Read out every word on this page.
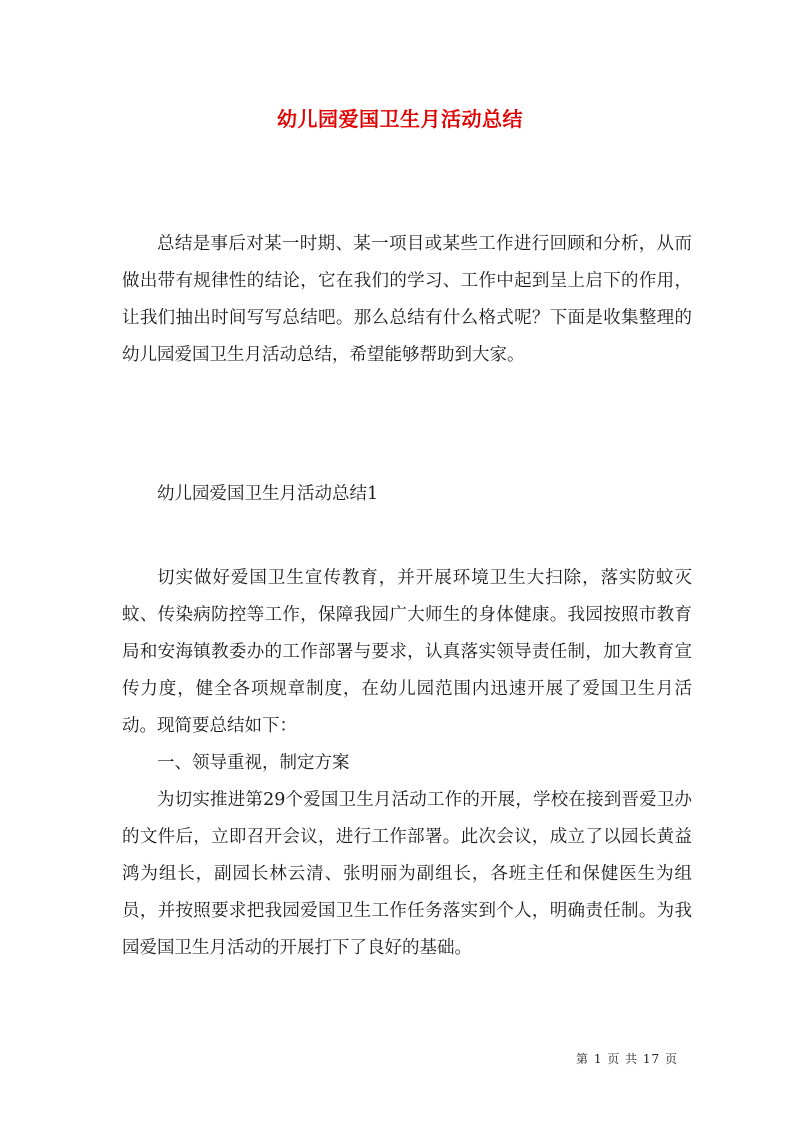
幼儿园爱国卫生月活动总结

总结是事后对某一时期、某一项目或某些工作进行回顾和分析，从而做出带有规律性的结论，它在我们的学习、工作中起到呈上启下的作用，让我们抽出时间写写总结吧。那么总结有什么格式呢？下面是收集整理的幼儿园爱国卫生月活动总结，希望能够帮助到大家。

幼儿园爱国卫生月活动总结1

切实做好爱国卫生宣传教育，并开展环境卫生大扫除，落实防蚊灭蚊、传染病防控等工作，保障我园广大师生的身体健康。我园按照市教育局和安海镇教委办的工作部署与要求，认真落实领导责任制，加大教育宣传力度，健全各项规章制度，在幼儿园范围内迅速开展了爱国卫生月活动。现简要总结如下：

一、领导重视，制定方案

为切实推进第29个爱国卫生月活动工作的开展，学校在接到晋爱卫办的文件后，立即召开会议，进行工作部署。此次会议，成立了以园长黄益鸿为组长，副园长林云清、张明丽为副组长，各班主任和保健医生为组员，并按照要求把我园爱国卫生工作任务落实到个人，明确责任制。为我园爱国卫生月活动的开展打下了良好的基础。

第 1 页 共 17 页
